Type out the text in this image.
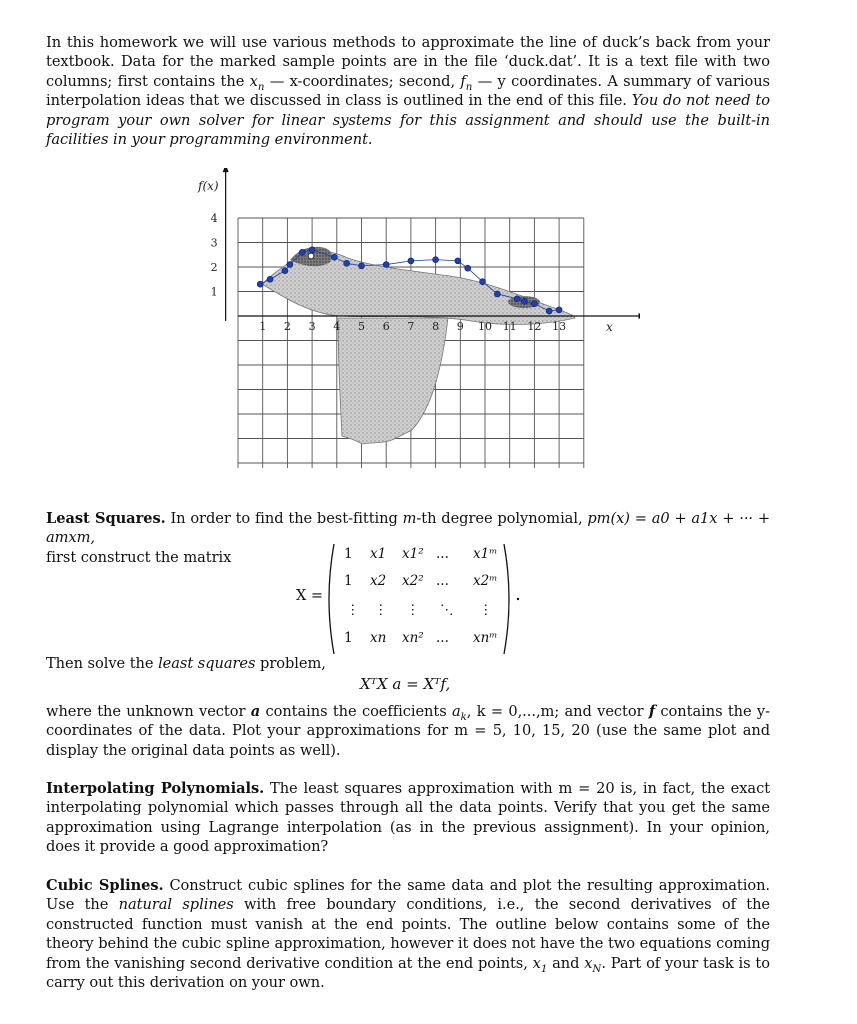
In this homework we will use various methods to approximate the line of duck’s back from your textbook. Data for the marked sample points are in the file ‘duck.dat’. It is a text file with two columns; first contains the $x_n$ — x-coordinates; second, $f_n$ — y coordinates. A summary of various interpolation ideas that we discussed in class is outlined in the end of this file. You do not need to program your own solver for linear systems for this assignment and should use the built-in facilities in your programming environment.
1
2
3
4
1 2 3 4 5 6 7 8 9 10 11 12 13
f(x)
x
Least Squares. In order to find the best-fitting m-th degree polynomial, pm(x) = a0 + a1x + ··· + amxm,
first construct the matrix
X =
1 x1 x1² ... x1ᵐ
1 x2 x2² ... x2ᵐ
⋮ ⋮ ⋮ ⋱ ⋮
1 xn xn² ... xnᵐ
Then solve the least squares problem,
XᵀX a = Xᵀf,
where the unknown vector a contains the coefficients $a_k$, k = 0,...,m; and vector f contains the y-coordinates of the data. Plot your approximations for m = 5, 10, 15, 20 (use the same plot and display the original data points as well).
Interpolating Polynomials. The least squares approximation with m = 20 is, in fact, the exact interpolating polynomial which passes through all the data points. Verify that you get the same approximation using Lagrange interpolation (as in the previous assignment). In your opinion, does it provide a good approximation?
Cubic Splines. Construct cubic splines for the same data and plot the resulting approximation. Use the natural splines with free boundary conditions, i.e., the second derivatives of the constructed function must vanish at the end points. The outline below contains some of the theory behind the cubic spline approximation, however it does not have the two equations coming from the vanishing second derivative condition at the end points, $x_1$ and $x_N$. Part of your task is to carry out this derivation on your own.
